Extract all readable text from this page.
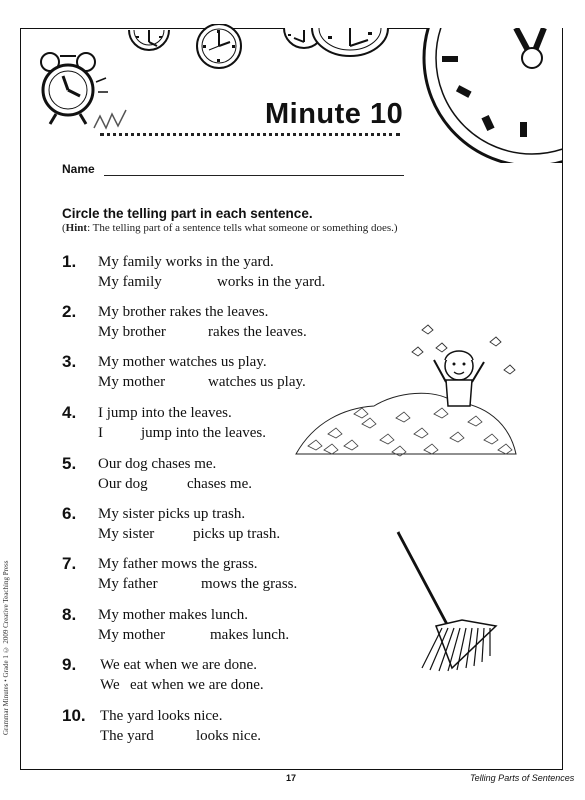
Grammar Minutes • Grade 1 © 2009 Creative Teaching Press
Minute 10
Name
Circle the telling part in each sentence.
(Hint: The telling part of a sentence tells what someone or something does.)
1.	My family works in the yard.
My family	works in the yard.
2.	My brother rakes the leaves.
My brother	rakes the leaves.
3.	My mother watches us play.
My mother	watches us play.
4.	I jump into the leaves.
I	jump into the leaves.
5.	Our dog chases me.
Our dog	chases me.
6.	My sister picks up trash.
My sister	picks up trash.
7.	My father mows the grass.
My father	mows the grass.
8.	My mother makes lunch.
My mother	makes lunch.
9.	We eat when we are done.
We eat when we are done.
10. The yard looks nice.
The yard	looks nice.
17	Telling Parts of Sentences
